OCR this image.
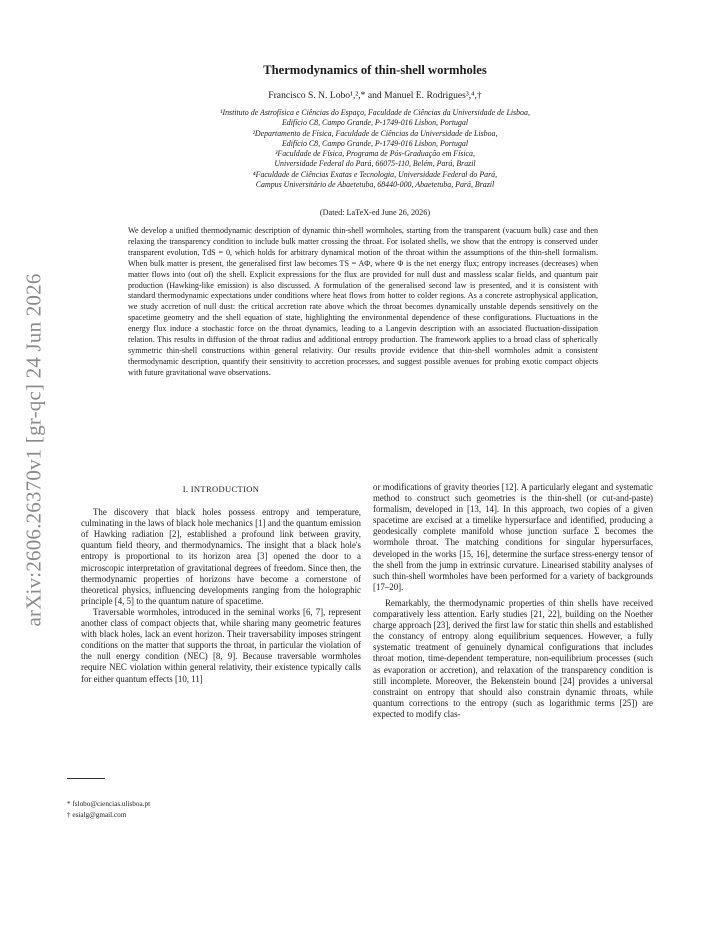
arXiv:2606.26370v1 [gr-qc] 24 Jun 2026
Thermodynamics of thin-shell wormholes
Francisco S. N. Lobo¹,²,* and Manuel E. Rodrigues³,⁴,†
¹Instituto de Astrofísica e Ciências do Espaço, Faculdade de Ciências da Universidade de Lisboa,
Edifício C8, Campo Grande, P-1749-016 Lisbon, Portugal
²Departamento de Física, Faculdade de Ciências da Universidade de Lisboa,
Edifício C8, Campo Grande, P-1749-016 Lisbon, Portugal
³Faculdade de Física, Programa de Pós-Graduação em Física,
Universidade Federal do Pará, 66075-110, Belém, Pará, Brazil
⁴Faculdade de Ciências Exatas e Tecnologia, Universidade Federal do Pará,
Campus Universitário de Abaetetuba, 68440-000, Abaetetuba, Pará, Brazil
(Dated: LaTeX-ed June 26, 2026)

We develop a unified thermodynamic description of dynamic thin-shell wormholes, starting from the transparent (vacuum bulk) case and then relaxing the transparency condition to include bulk matter crossing the throat. For isolated shells, we show that the entropy is conserved under transparent evolution, TdS = 0, which holds for arbitrary dynamical motion of the throat within the assumptions of the thin-shell formalism. When bulk matter is present, the generalised first law becomes TS = AΦ, where Φ is the net energy flux; entropy increases (decreases) when matter flows into (out of) the shell. Explicit expressions for the flux are provided for null dust and massless scalar fields, and quantum pair production (Hawking-like emission) is also discussed. A formulation of the generalised second law is presented, and it is consistent with standard thermodynamic expectations under conditions where heat flows from hotter to colder regions. As a concrete astrophysical application, we study accretion of null dust: the critical accretion rate above which the throat becomes dynamically unstable depends sensitively on the spacetime geometry and the shell equation of state, highlighting the environmental dependence of these configurations. Fluctuations in the energy flux induce a stochastic force on the throat dynamics, leading to a Langevin description with an associated fluctuation-dissipation relation. This results in diffusion of the throat radius and additional entropy production. The framework applies to a broad class of spherically symmetric thin-shell constructions within general relativity. Our results provide evidence that thin-shell wormholes admit a consistent thermodynamic description, quantify their sensitivity to accretion processes, and suggest possible avenues for probing exotic compact objects with future gravitational wave observations.

I. INTRODUCTION

The discovery that black holes possess entropy and temperature, culminating in the laws of black hole mechanics [1] and the quantum emission of Hawking radiation [2], established a profound link between gravity, quantum field theory, and thermodynamics. The insight that a black hole's entropy is proportional to its horizon area [3] opened the door to a microscopic interpretation of gravitational degrees of freedom. Since then, the thermodynamic properties of horizons have become a cornerstone of theoretical physics, influencing developments ranging from the holographic principle [4, 5] to the quantum nature of spacetime.

Traversable wormholes, introduced in the seminal works [6, 7], represent another class of compact objects that, while sharing many geometric features with black holes, lack an event horizon. Their traversability imposes stringent conditions on the matter that supports the throat, in particular the violation of the null energy condition (NEC) [8, 9]. Because traversable wormholes require NEC violation within general relativity, their existence typically calls for either quantum effects [10, 11]

or modifications of gravity theories [12]. A particularly elegant and systematic method to construct such geometries is the thin-shell (or cut-and-paste) formalism, developed in [13, 14]. In this approach, two copies of a given spacetime are excised at a timelike hypersurface and identified, producing a geodesically complete manifold whose junction surface Σ becomes the wormhole throat. The matching conditions for singular hypersurfaces, developed in the works [15, 16], determine the surface stress-energy tensor of the shell from the jump in extrinsic curvature. Linearised stability analyses of such thin-shell wormholes have been performed for a variety of backgrounds [17–20].

Remarkably, the thermodynamic properties of thin shells have received comparatively less attention. Early studies [21, 22], building on the Noether charge approach [23], derived the first law for static thin shells and established the constancy of entropy along equilibrium sequences. However, a fully systematic treatment of genuinely dynamical configurations that includes throat motion, time-dependent temperature, non-equilibrium processes (such as evaporation or accretion), and relaxation of the transparency condition is still incomplete. Moreover, the Bekenstein bound [24] provides a universal constraint on entropy that should also constrain dynamic throats, while quantum corrections to the entropy (such as logarithmic terms [25]) are expected to modify clas-

* fslobo@ciencias.ulisboa.pt
† esialg@gmail.com
